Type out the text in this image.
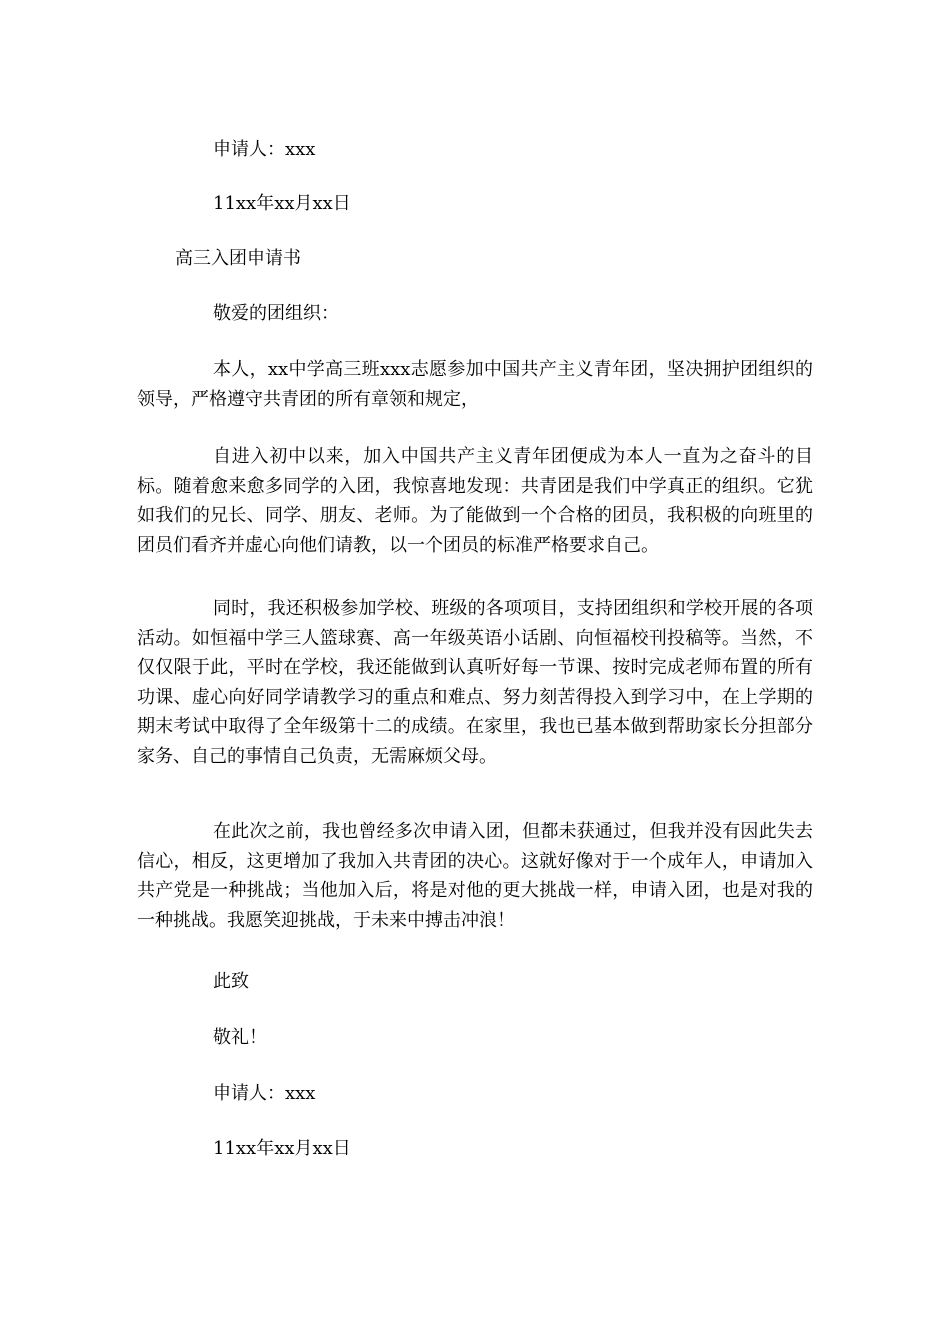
申请人：xxx

11xx年xx月xx日

高三入团申请书

敬爱的团组织：

本人，xx中学高三班xxx志愿参加中国共产主义青年团，坚决拥护团组织的领导，严格遵守共青团的所有章领和规定，

自进入初中以来，加入中国共产主义青年团便成为本人一直为之奋斗的目标。随着愈来愈多同学的入团，我惊喜地发现：共青团是我们中学真正的组织。它犹如我们的兄长、同学、朋友、老师。为了能做到一个合格的团员，我积极的向班里的团员们看齐并虚心向他们请教，以一个团员的标准严格要求自己。

同时，我还积极参加学校、班级的各项项目，支持团组织和学校开展的各项活动。如恒福中学三人篮球赛、高一年级英语小话剧、向恒福校刊投稿等。当然，不仅仅限于此，平时在学校，我还能做到认真听好每一节课、按时完成老师布置的所有功课、虚心向好同学请教学习的重点和难点、努力刻苦得投入到学习中，在上学期的期末考试中取得了全年级第十二的成绩。在家里，我也已基本做到帮助家长分担部分家务、自己的事情自己负责，无需麻烦父母。

在此次之前，我也曾经多次申请入团，但都未获通过，但我并没有因此失去信心，相反，这更增加了我加入共青团的决心。这就好像对于一个成年人，申请加入共产党是一种挑战；当他加入后，将是对他的更大挑战一样，申请入团，也是对我的一种挑战。我愿笑迎挑战，于未来中搏击冲浪！

此致

敬礼！

申请人：xxx

11xx年xx月xx日
